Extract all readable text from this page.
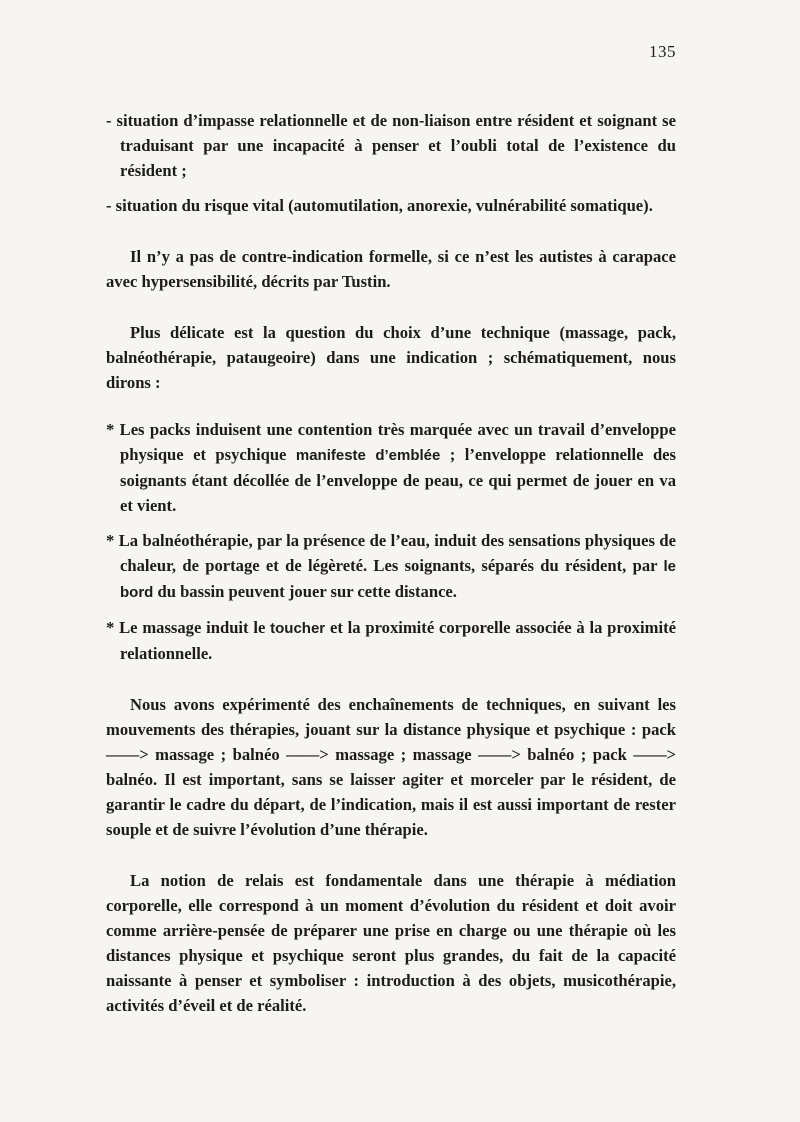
135

- situation d’impasse relationnelle et de non-liaison entre résident et soignant se traduisant par une incapacité à penser et l’oubli total de l’existence du résident ;

- situation du risque vital (automutilation, anorexie, vulnérabilité somatique).

Il n’y a pas de contre-indication formelle, si ce n’est les autistes à carapace avec hypersensibilité, décrits par Tustin.

Plus délicate est la question du choix d’une technique (massage, pack, balnéothérapie, pataugeoire) dans une indication ; schématiquement, nous dirons :

* Les packs induisent une contention très marquée avec un travail d’enveloppe physique et psychique manifeste d’emblée ; l’enveloppe relationnelle des soignants étant décollée de l’enveloppe de peau, ce qui permet de jouer en va et vient.

* La balnéothérapie, par la présence de l’eau, induit des sensations physiques de chaleur, de portage et de légèreté. Les soignants, séparés du résident, par le bord du bassin peuvent jouer sur cette distance.

* Le massage induit le toucher et la proximité corporelle associée à la proximité relationnelle.

Nous avons expérimenté des enchaînements de techniques, en suivant les mouvements des thérapies, jouant sur la distance physique et psychique : pack ——> massage ; balnéo ——> massage ; massage ——> balnéo ; pack ——> balnéo. Il est important, sans se laisser agiter et morceler par le résident, de garantir le cadre du départ, de l’indication, mais il est aussi important de rester souple et de suivre l’évolution d’une thérapie.

La notion de relais est fondamentale dans une thérapie à médiation corporelle, elle correspond à un moment d’évolution du résident et doit avoir comme arrière-pensée de préparer une prise en charge ou une thérapie où les distances physique et psychique seront plus grandes, du fait de la capacité naissante à penser et symboliser : introduction à des objets, musicothérapie, activités d’éveil et de réalité.
